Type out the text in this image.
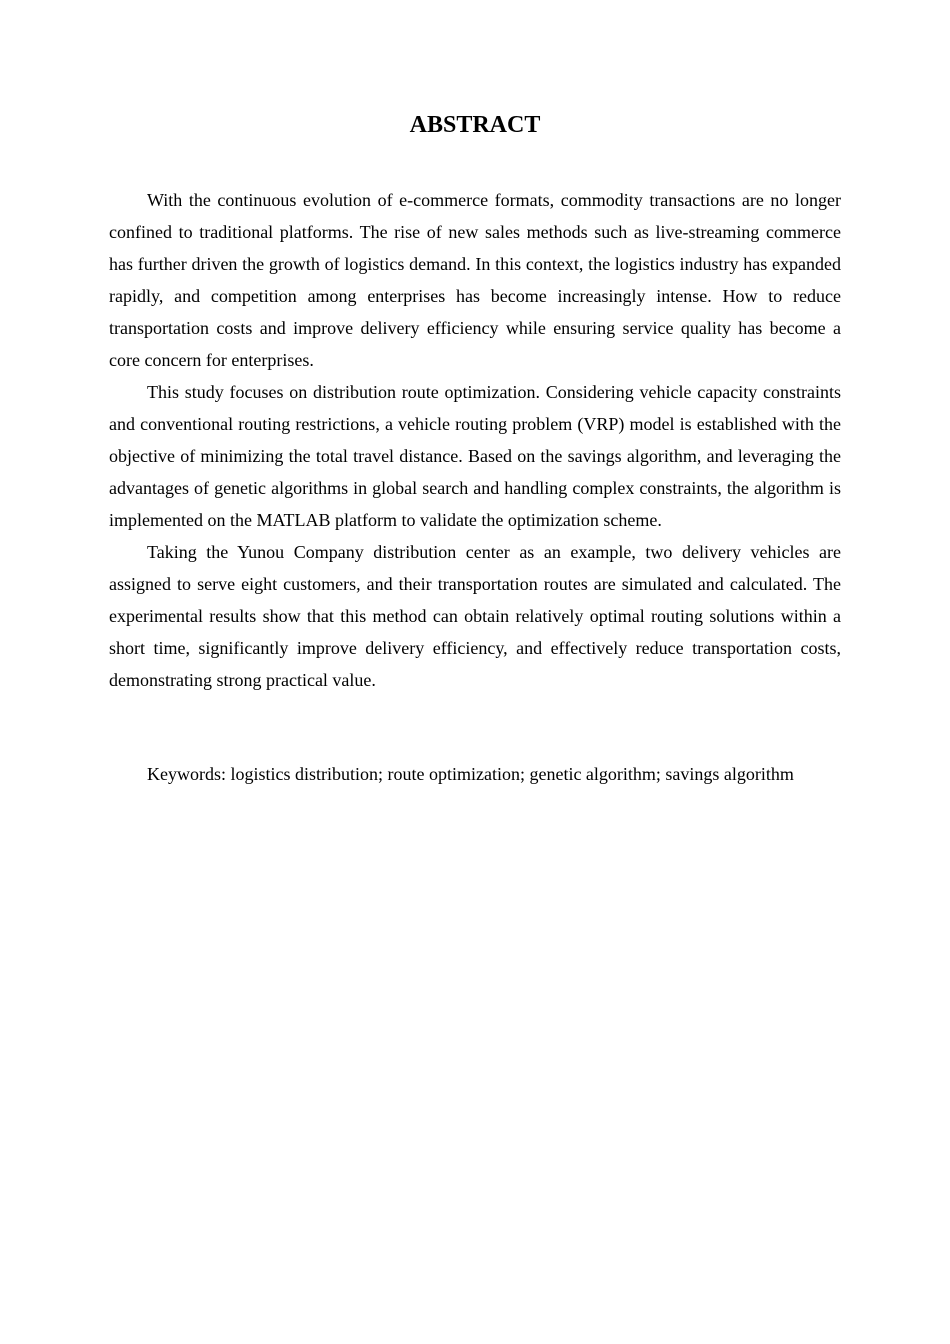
ABSTRACT

With the continuous evolution of e-commerce formats, commodity transactions are no longer confined to traditional platforms. The rise of new sales methods such as live-streaming commerce has further driven the growth of logistics demand. In this context, the logistics industry has expanded rapidly, and competition among enterprises has become increasingly intense. How to reduce transportation costs and improve delivery efficiency while ensuring service quality has become a core concern for enterprises.

This study focuses on distribution route optimization. Considering vehicle capacity constraints and conventional routing restrictions, a vehicle routing problem (VRP) model is established with the objective of minimizing the total travel distance. Based on the savings algorithm, and leveraging the advantages of genetic algorithms in global search and handling complex constraints, the algorithm is implemented on the MATLAB platform to validate the optimization scheme.

Taking the Yunou Company distribution center as an example, two delivery vehicles are assigned to serve eight customers, and their transportation routes are simulated and calculated. The experimental results show that this method can obtain relatively optimal routing solutions within a short time, significantly improve delivery efficiency, and effectively reduce transportation costs, demonstrating strong practical value.

Keywords: logistics distribution; route optimization; genetic algorithm; savings algorithm
